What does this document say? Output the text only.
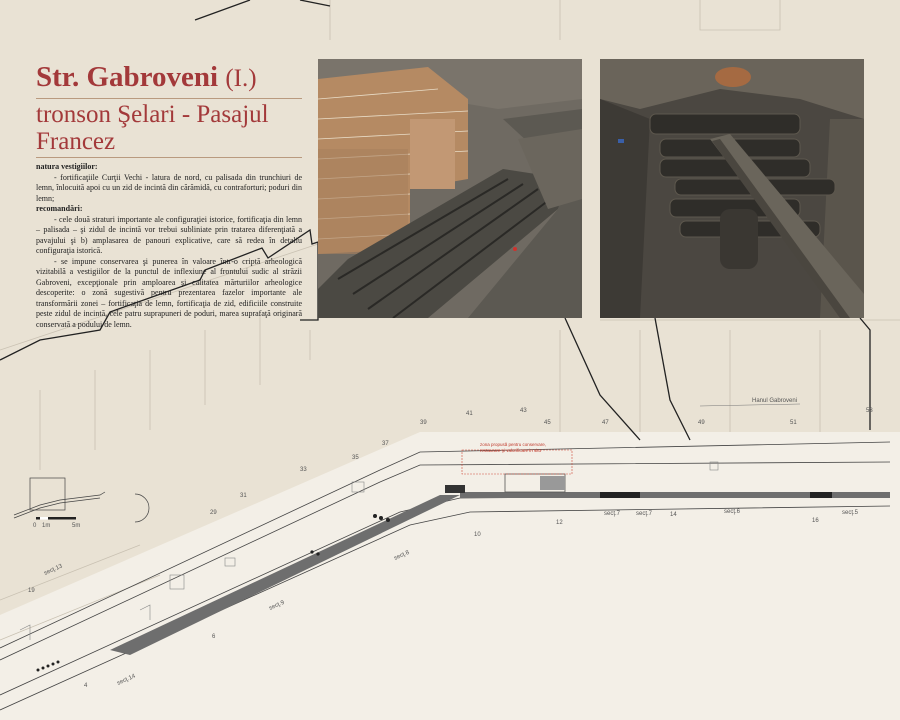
zona propusă pentru conservare,
restaurare şi valorificare in situ
Hanul Gabroveni
19
29
31
33
35
37
39
41	43
45	47	49	51
53
4
6
10
12
14
16
secţ.13
secţ.14
secţ.9
secţ.8
secţ.7	secţ.7	secţ.6	secţ.5
0 1m	5m
Str. Gabroveni (I.)
tronson Şelari - Pasajul Francez
natura vestigiilor:

- fortificaţiile Curţii Vechi - latura de nord, cu palisada din trunchiuri de lemn, înlocuită apoi cu un zid de incintă din cărămidă, cu contraforturi; poduri din lemn;

recomandări:

- cele două straturi importante ale configuraţiei istorice, fortificaţia din lemn – palisada – şi zidul de incintă vor trebui subliniate prin tratarea diferenţiată a pavajului şi b) amplasarea de panouri explicative, care să redea în detaliu configuraţia istorică.

- se impune conservarea şi punerea în valoare într-o criptă arheologică vizitabilă a vestigiilor de la punctul de inflexiune al frontului sudic al străzii Gabroveni, excepţionale prin amploarea şi calitatea mărturiilor arheologice descoperite: o zonă sugestivă pentru prezentarea fazelor importante ale transformării zonei – fortificaţia de lemn, fortificaţia de zid, edificiile construite peste zidul de incintă, cele patru suprapuneri de poduri, marea suprafaţă originară conservată a podului de lemn.
